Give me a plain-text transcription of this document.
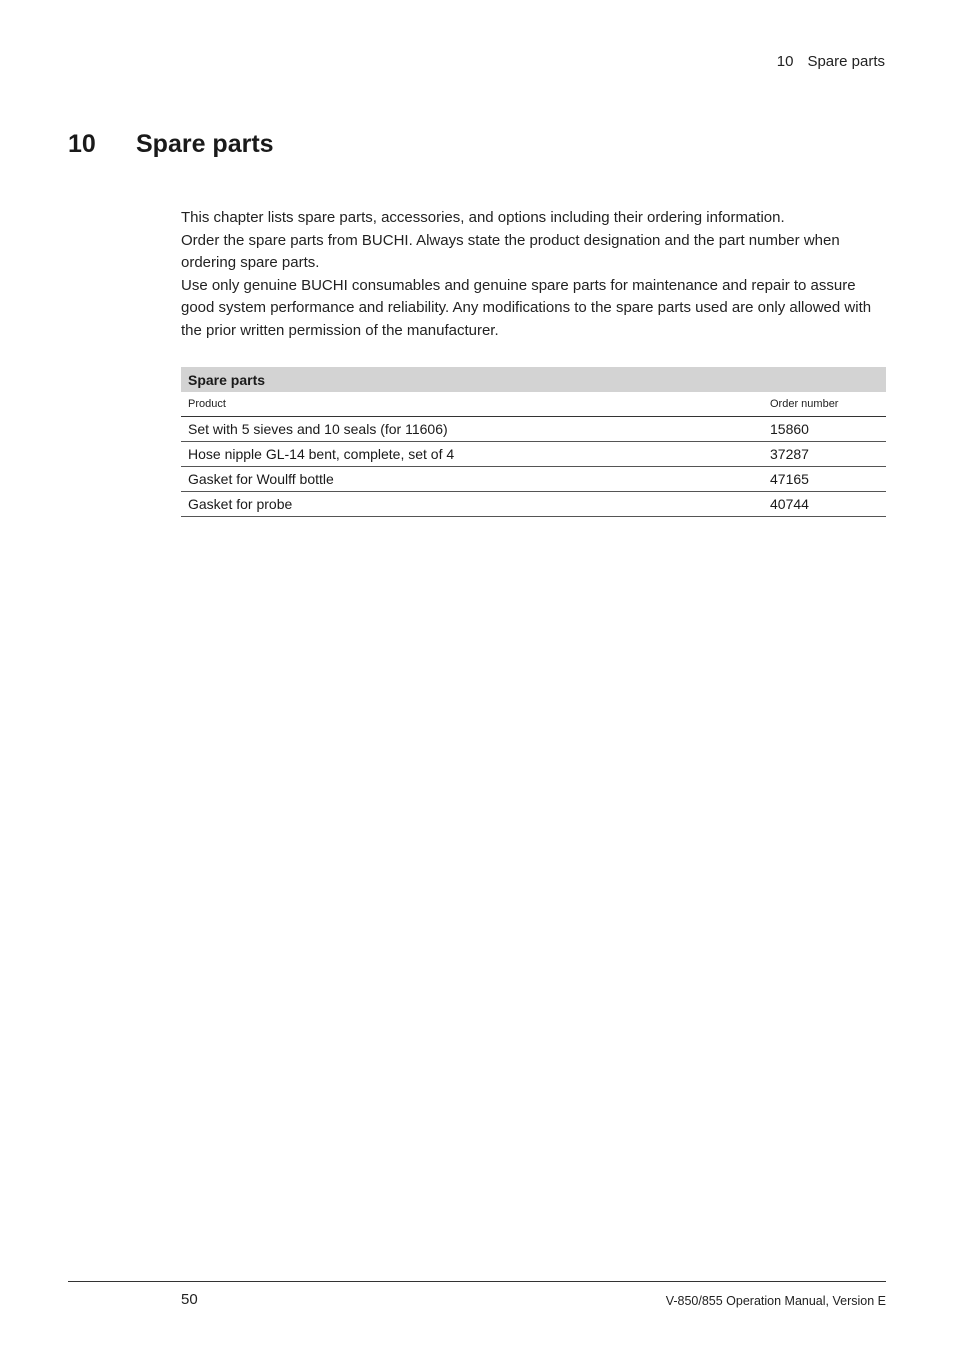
10 Spare parts
10 Spare parts

This chapter lists spare parts, accessories, and options including their ordering information.

Order the spare parts from BUCHI. Always state the product designation and the part number when ordering spare parts.

Use only genuine BUCHI consumables and genuine spare parts for maintenance and repair to assure good system performance and reliability. Any modifications to the spare parts used are only allowed with the prior written permission of the manufacturer.

Spare parts	
Product	Order number
Set with 5 sieves and 10 seals (for 11606)	15860
Hose nipple GL-14 bent, complete, set of 4	37287
Gasket for Woulff bottle	47165
Gasket for probe	40744
50	V-850/855 Operation Manual, Version E
